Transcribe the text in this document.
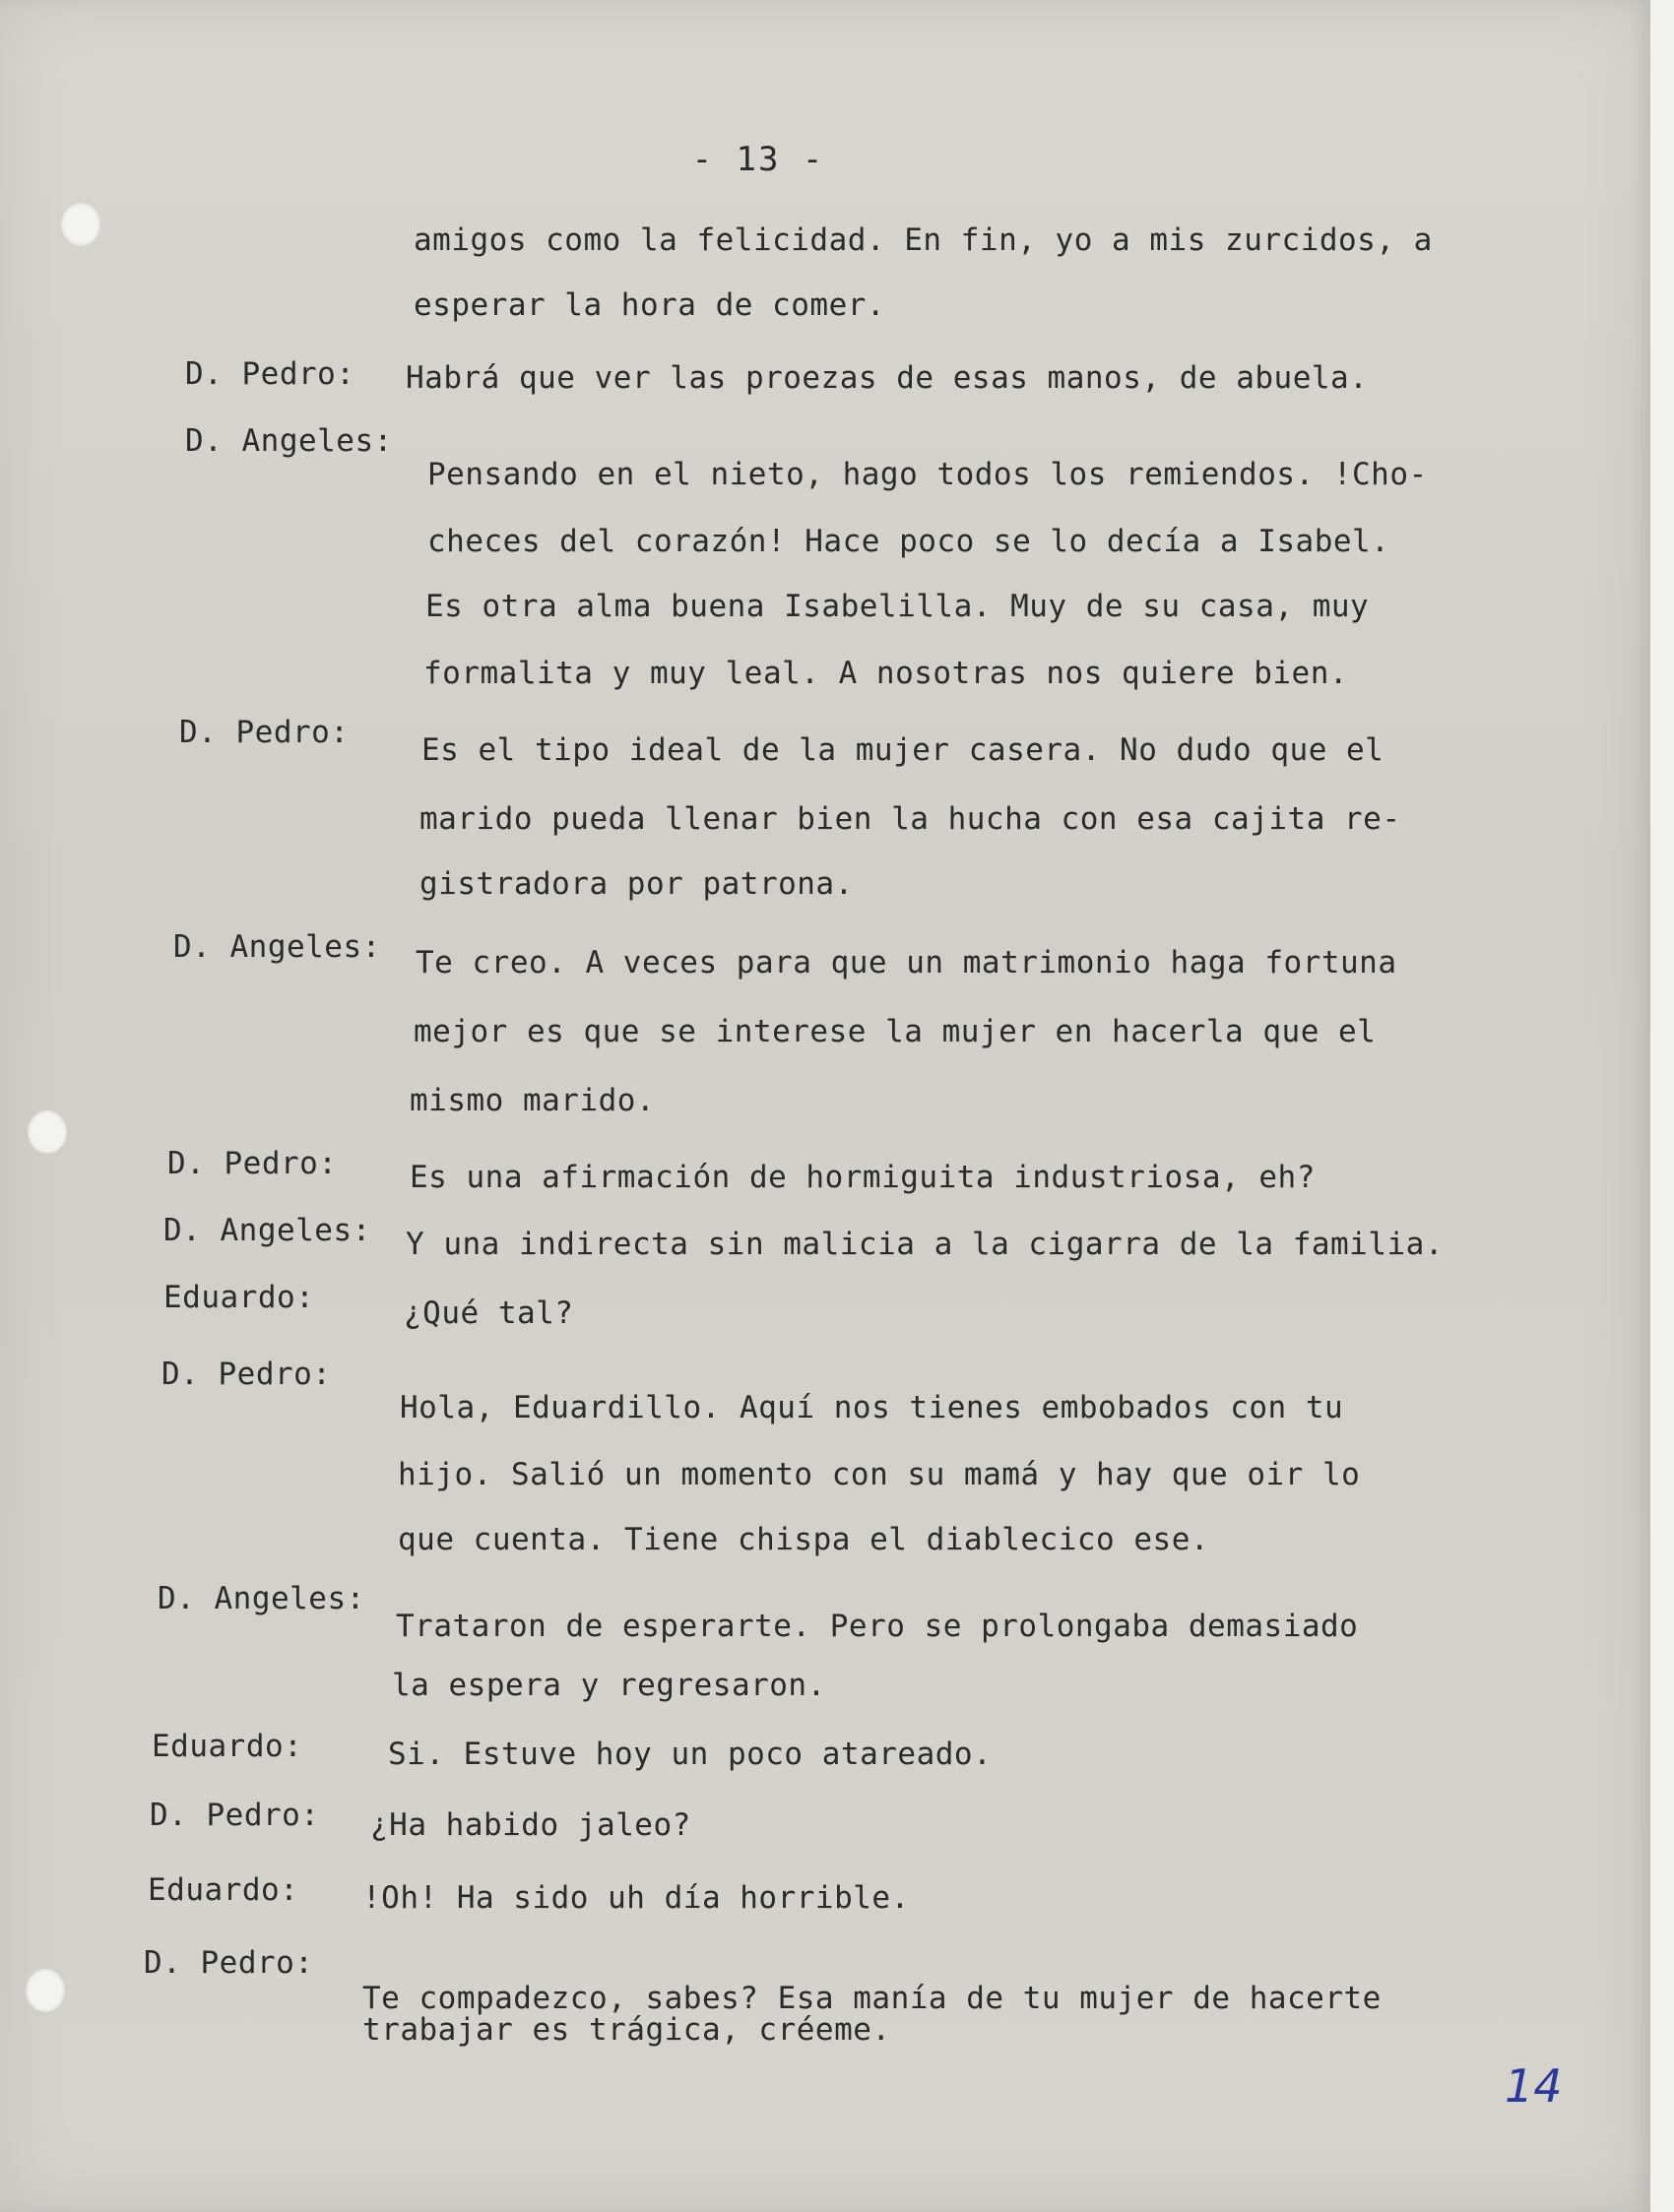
- 13 -
amigos como la felicidad. En fin, yo a mis zurcidos, a
esperar la hora de comer.
D. Pedro: Habrá que ver las proezas de esas manos, de abuela.
D. Angeles:
Pensando en el nieto, hago todos los remiendos. !Cho-
checes del corazón! Hace poco se lo decía a Isabel.
Es otra alma buena Isabelilla. Muy de su casa, muy
formalita y muy leal. A nosotras nos quiere bien.
D. Pedro: Es el tipo ideal de la mujer casera. No dudo que el
marido pueda llenar bien la hucha con esa cajita re-
gistradora por patrona.
D. Angeles: Te creo. A veces para que un matrimonio haga fortuna
mejor es que se interese la mujer en hacerla que el
mismo marido.
D. Pedro: Es una afirmación de hormiguita industriosa, eh?
D. Angeles: Y una indirecta sin malicia a la cigarra de la familia.
Eduardo:	¿Qué tal?
D. Pedro:
Hola, Eduardillo. Aquí nos tienes embobados con tu
hijo. Salió un momento con su mamá y hay que oir lo
que cuenta. Tiene chispa el diablecico ese.
D. Angeles:
Trataron de esperarte. Pero se prolongaba demasiado
la espera y regresaron.
Eduardo:	Si. Estuve hoy un poco atareado.
D. Pedro: ¿Ha habido jaleo?
Eduardo: !Oh! Ha sido uh día horrible.
D. Pedro:
Te compadezco, sabes? Esa manía de tu mujer de hacerte
trabajar es trágica, créeme.
14
